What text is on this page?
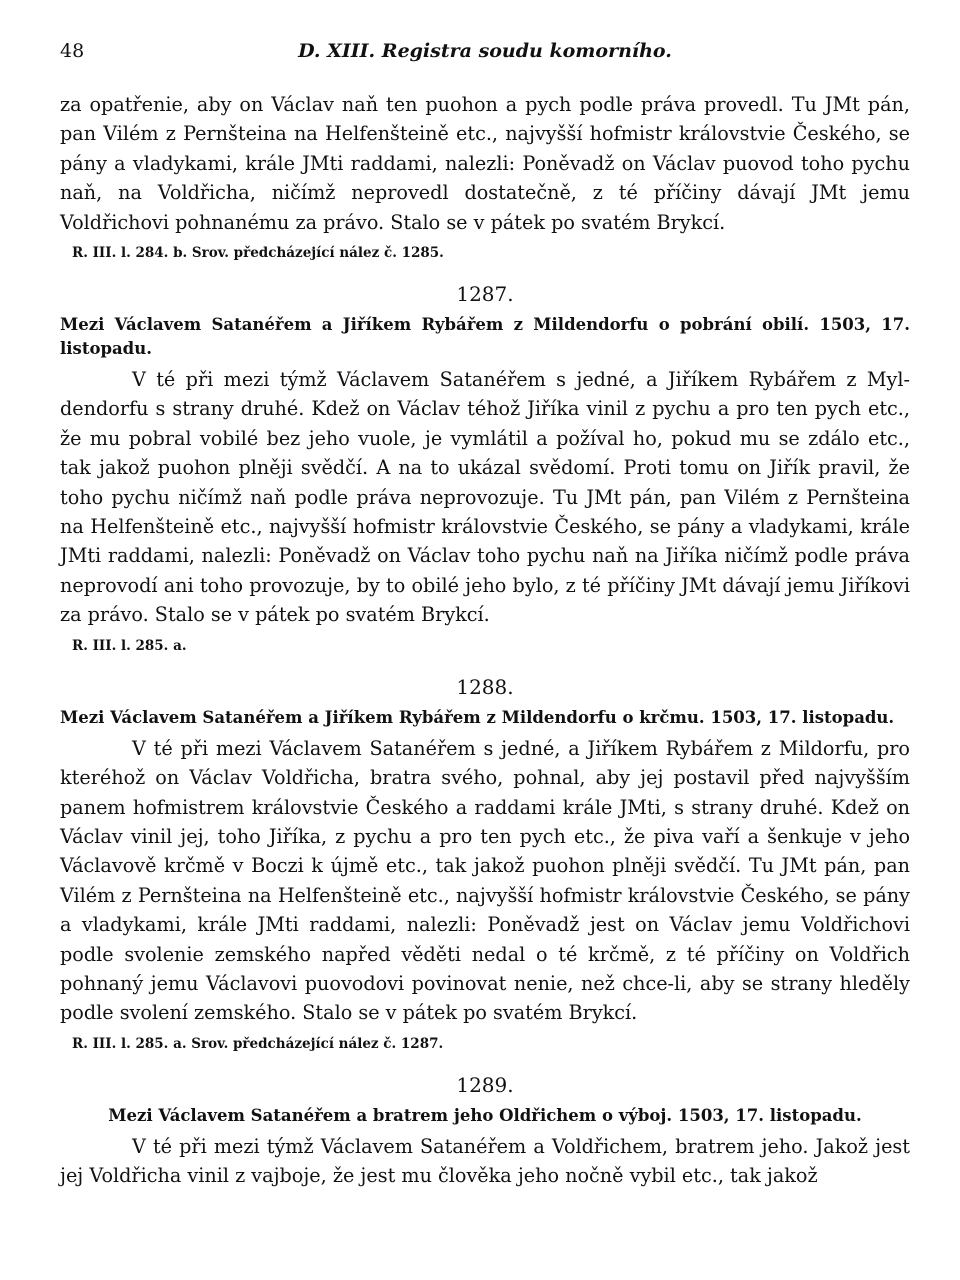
48	D. XIII. Registra soudu komorního.

za opatřenie, aby on Václav naň ten puohon a pych podle práva provedl. Tu JMt pán, pan Vilém z Pernšteina na Helfenšteině etc., najvyšší hofmistr královstvie Českého, se pány a vladykami, krále JMti raddami, nalezli: Poněvadž on Václav puovod toho pychu naň, na Voldřicha, ničímž neprovedl dostatečně, z té příčiny dávají JMt jemu Voldřichovi pohnanému za právo. Stalo se v pátek po svatém Brykcí.

R. III. l. 284. b. Srov. předcházející nález č. 1285.

1287.

Mezi Václavem Satanéřem a Jiříkem Rybářem z Mildendorfu o pobrání obilí. 1503, 17. listopadu.

V té při mezi týmž Václavem Satanéřem s jedné, a Jiříkem Rybářem z Myldendorfu s strany druhé. Kdež on Václav téhož Jiříka vinil z pychu a pro ten pych etc., že mu pobral vobilé bez jeho vuole, je vymlátil a požíval ho, pokud mu se zdálo etc., tak jakož puohon plněji svědčí. A na to ukázal svědomí. Proti tomu on Jiřík pravil, že toho pychu ničímž naň podle práva neprovozuje. Tu JMt pán, pan Vilém z Pernšteina na Helfenšteině etc., najvyšší hofmistr královstvie Českého, se pány a vladykami, krále JMti raddami, nalezli: Poněvadž on Václav toho pychu naň na Jiříka ničímž podle práva neprovodí ani toho provozuje, by to obilé jeho bylo, z té příčiny JMt dávají jemu Jiříkovi za právo. Stalo se v pátek po svatém Brykcí.

R. III. l. 285. a.

1288.

Mezi Václavem Satanéřem a Jiříkem Rybářem z Mildendorfu o krčmu. 1503, 17. listopadu.

V té při mezi Václavem Satanéřem s jedné, a Jiříkem Rybářem z Mildorfu, pro kteréhož on Václav Voldřicha, bratra svého, pohnal, aby jej postavil před najvyšším panem hofmistrem královstvie Českého a raddami krále JMti, s strany druhé. Kdež on Václav vinil jej, toho Jiříka, z pychu a pro ten pych etc., že piva vaří a šenkuje v jeho Václavově krčmě v Boczi k újmě etc., tak jakož puohon plněji svědčí. Tu JMt pán, pan Vilém z Pernšteina na Helfenšteině etc., najvyšší hofmistr královstvie Českého, se pány a vladykami, krále JMti raddami, nalezli: Poněvadž jest on Václav jemu Voldřichovi podle svolenie zemského napřed věděti nedal o té krčmě, z té příčiny on Voldřich pohnaný jemu Václavovi puovodovi povinovat nenie, než chce-li, aby se strany hleděly podle svolení zemského. Stalo se v pátek po svatém Brykcí.

R. III. l. 285. a. Srov. předcházející nález č. 1287.

1289.

Mezi Václavem Satanéřem a bratrem jeho Oldřichem o výboj. 1503, 17. listopadu.

V té při mezi týmž Václavem Satanéřem a Voldřichem, bratrem jeho. Jakož jest jej Voldřicha vinil z vajboje, že jest mu člověka jeho nočně vybil etc., tak jakož
